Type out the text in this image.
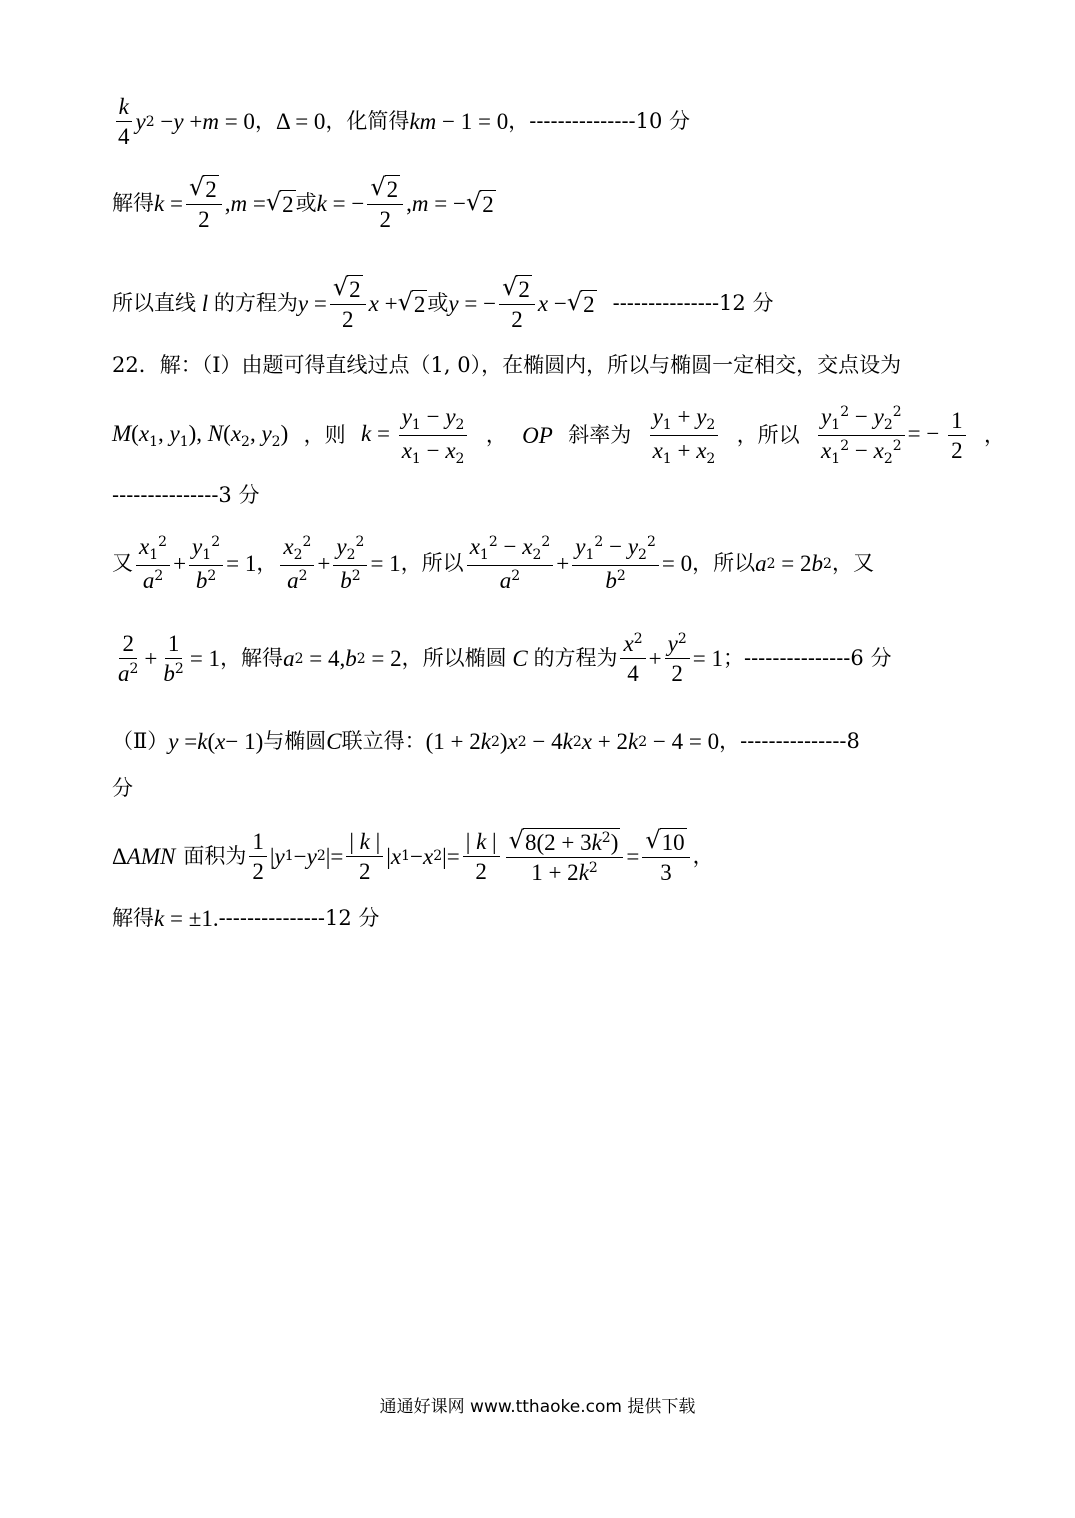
$\frac{k}{4}$ y 2 − y + m = 0 ， Δ = 0 ，化简得 km − 1 = 0 ， ---------------10 分
解得 $k = \frac{√ 2}{2}$ , m = √ 2 或 k = − $\frac{√ 2}{2}$ , m = − √ 2
所以直线 l 的方程为 $y = \frac{√ 2}{2}$ x + √ 2 或 y = − $\frac{√ 2}{2}$ x − √ 2 ---------------12 分
22．解：（Ⅰ）由题可得直线过点（1, 0），在椭圆内，所以与椭圆一定相交，交点设为
$M(x_1$, $y_1$), $N(x_2$, $y_2$) ，则 $k = \frac{y_1 - y_2}{x_1 - x_2}$ ， OP 斜率为 $\frac{y_1 + y_2}{x_1 + x_2}$ ，所以 $\frac{y_1^2 - y_2^2}{x_1^2 - x_2^2}$ = − $\frac{1}{2}$ ，
---------------3 分
又 $\frac{x_1^2}{a^2} + \frac{y_1^2}{b^2} = 1$ ， $\frac{x_2^2}{a^2} + \frac{y_2^2}{b^2} = 1$ ，所以 $\frac{x_1^2 - x_2^2}{a^2} + \frac{y_1^2 - y_2^2}{b^2} = 0$ ，所以 a 2 = 2 b 2 ，又
$\frac{2}{a^2} + \frac{1}{b^2} = 1$ ，解得 a 2 = 4, b 2 = 2 ，所以椭圆 C 的方程为 $\frac{x^2}{4} + \frac{y^2}{2} = 1$ ； ---------------6 分
（Ⅱ） y = k ( x − 1) 与椭圆 C 联立得： (1 + 2 k 2 ) x 2 − 4 k 2 x + 2 k 2 − 4 = 0 ， ---------------8
分
Δ AMN 面积为 $\frac{1}{2}$ | y 1 − y 2 |= $\frac{| k |}{2}$ | x 1 − x 2 |= $\frac{| k |}{2} \frac{√ 8(2 + 3k^2)}{1 + 2k^2} = \frac{√ 10}{3}$ ，
解得 k = ±1. ---------------12 分
通通好课网 www.tthaoke.com 提供下载
